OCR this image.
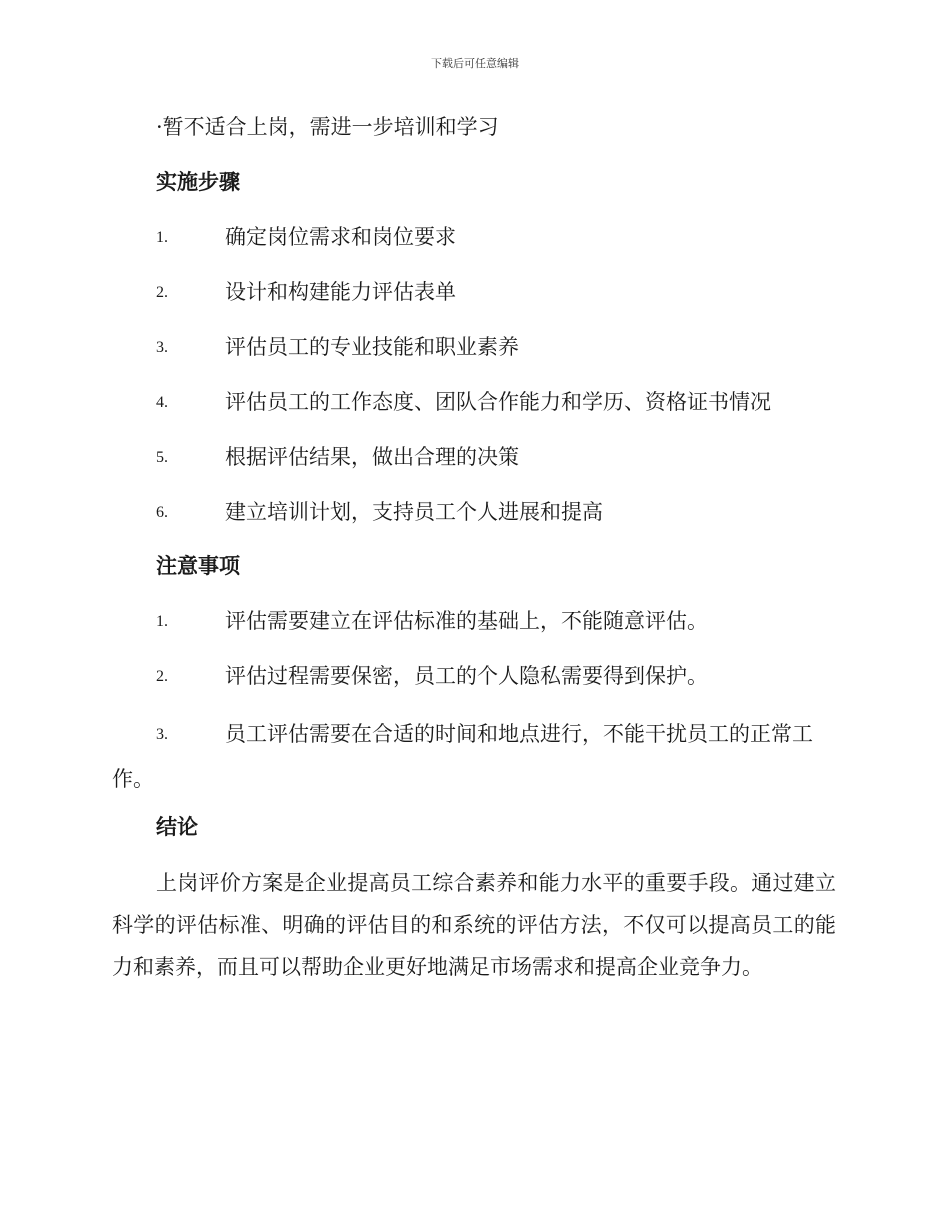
下载后可任意编辑
·暂不适合上岗，需进一步培训和学习
实施步骤
1.	确定岗位需求和岗位要求
2.	设计和构建能力评估表单
3.	评估员工的专业技能和职业素养
4.	评估员工的工作态度、团队合作能力和学历、资格证书情况
5.	根据评估结果，做出合理的决策
6.	建立培训计划，支持员工个人进展和提高
注意事项
1.	评估需要建立在评估标准的基础上，不能随意评估。
2.	评估过程需要保密，员工的个人隐私需要得到保护。
3.	员工评估需要在合适的时间和地点进行，不能干扰员工的正常工作。
结论
上岗评价方案是企业提高员工综合素养和能力水平的重要手段。通过建立科学的评估标准、明确的评估目的和系统的评估方法，不仅可以提高员工的能力和素养，而且可以帮助企业更好地满足市场需求和提高企业竞争力。
